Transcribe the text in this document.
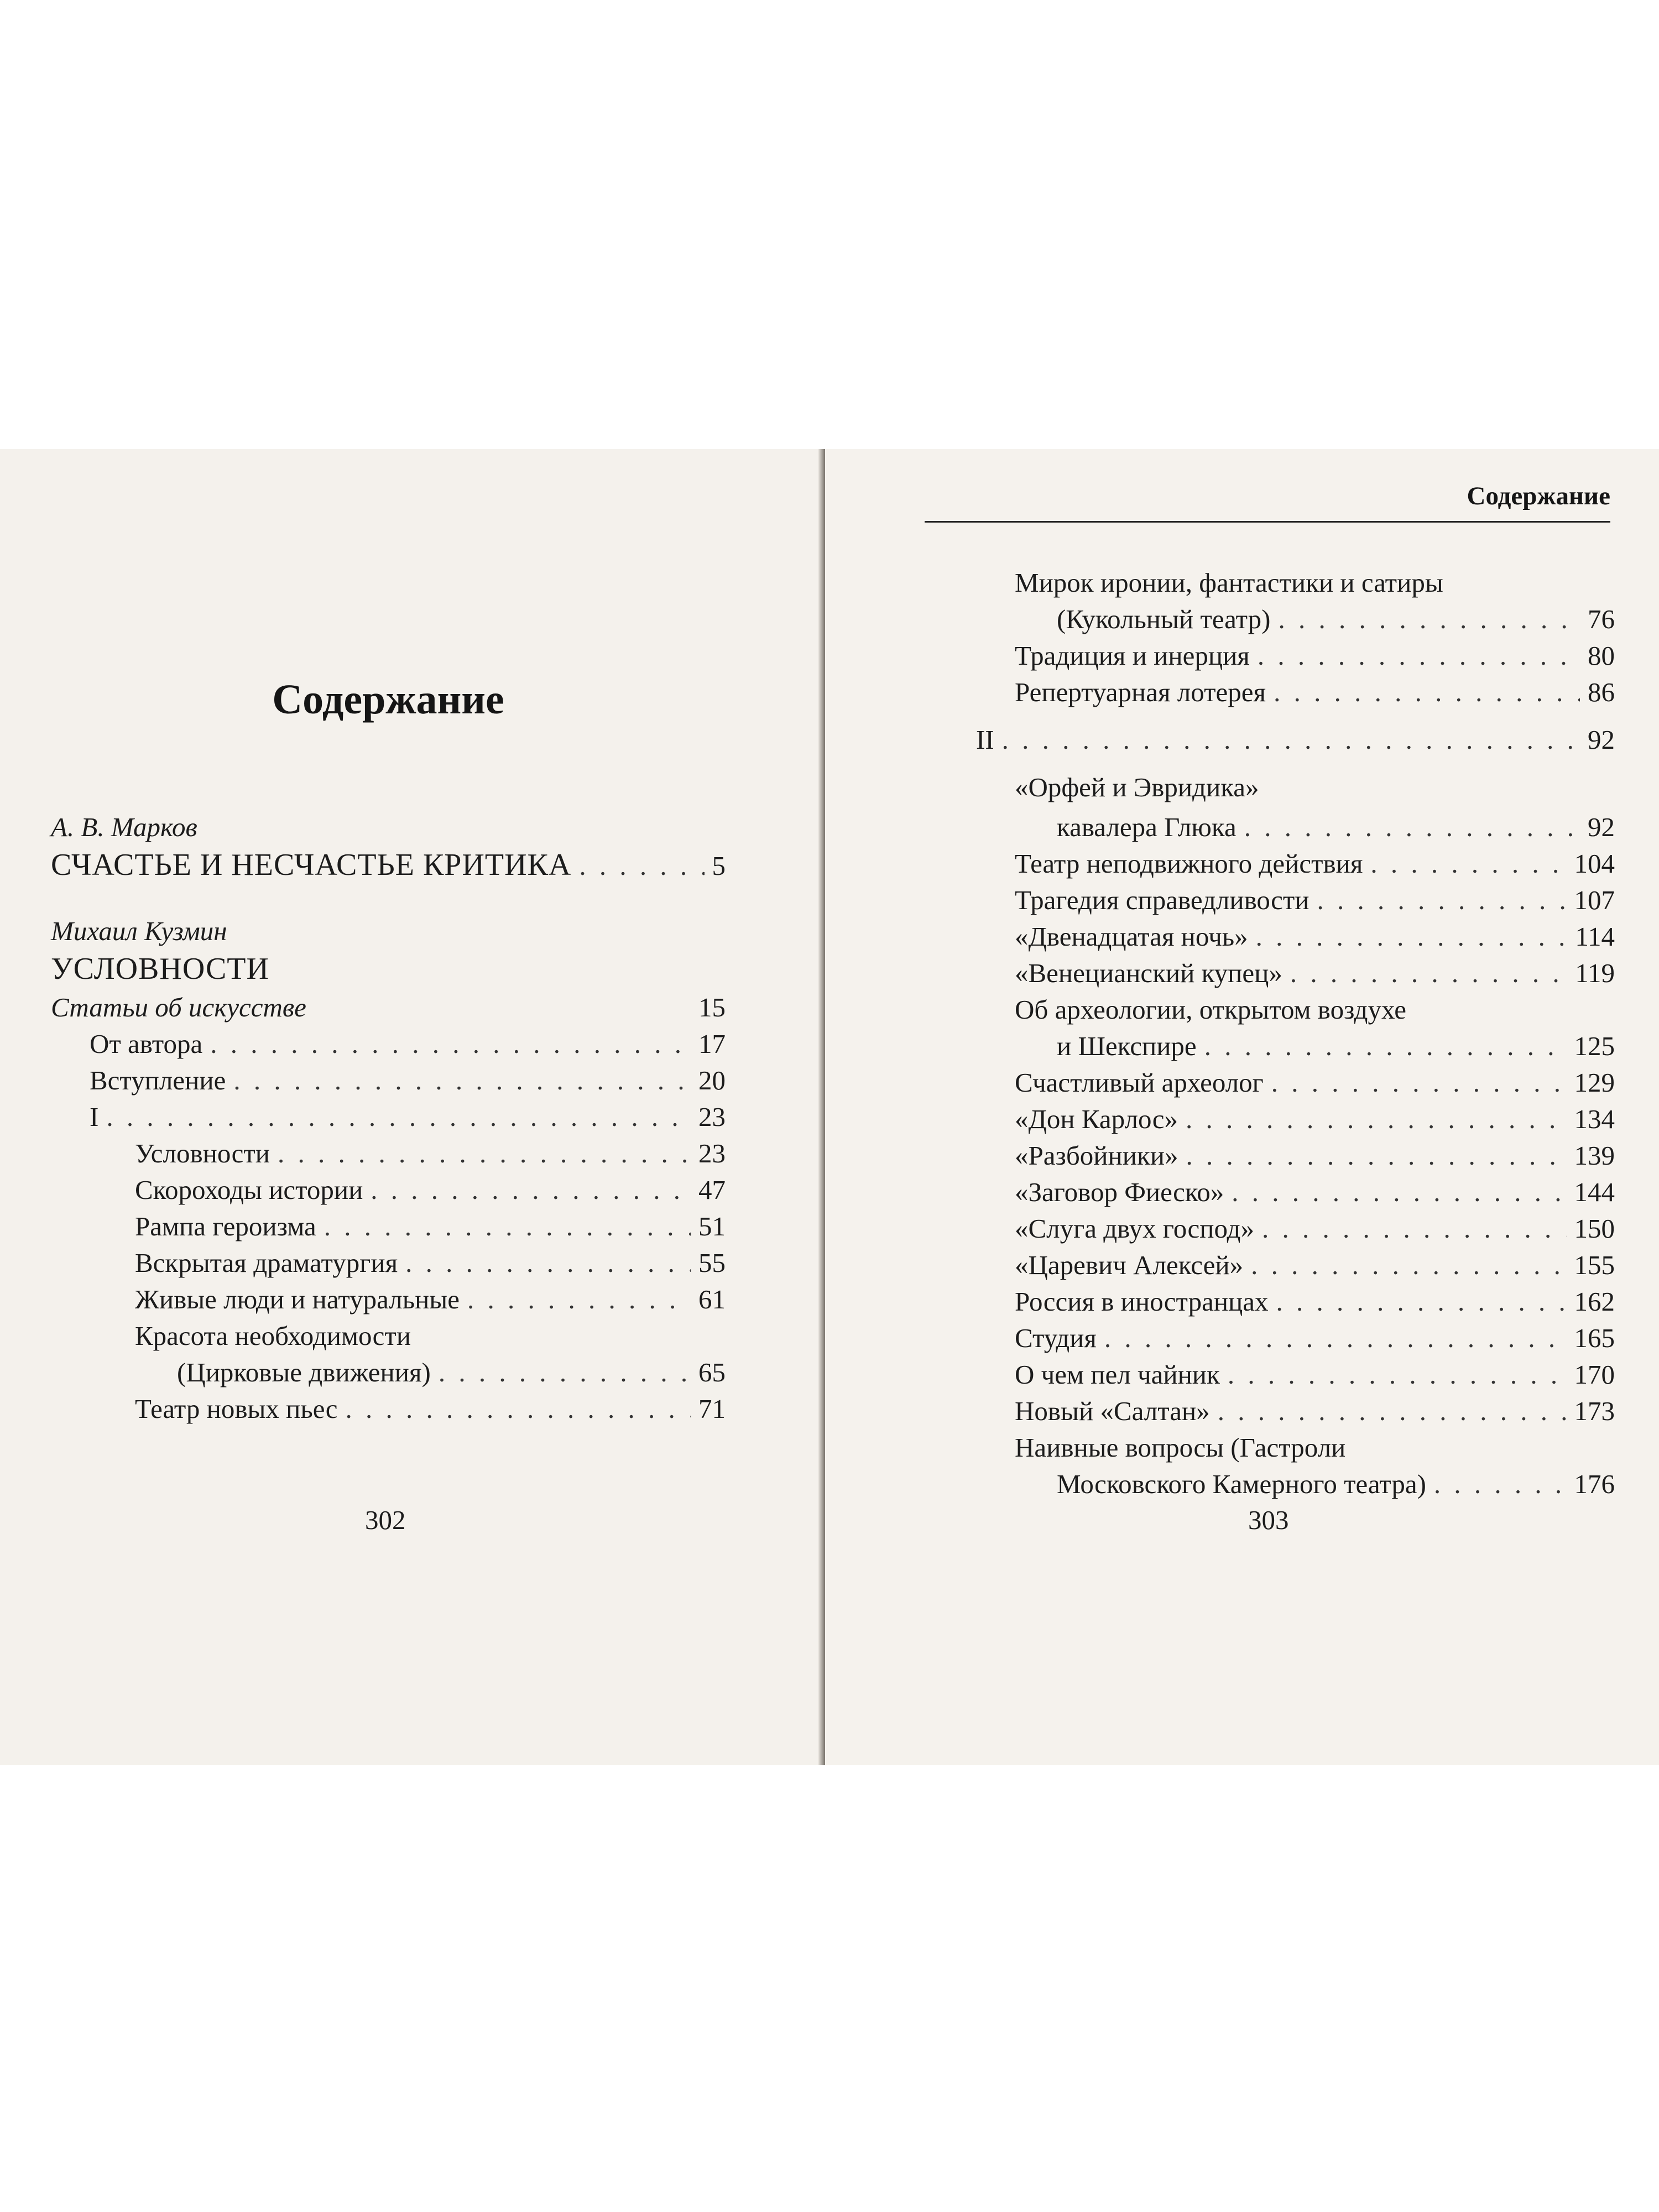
Содержание
А. В. Марков
СЧАСТЬЕ И НЕСЧАСТЬЕ КРИТИКА . . .	5
Михаил Кузмин
УСЛОВНОСТИ
Статьи об искусстве	15
От автора . . .	17
Вступление . . .	20
I . . .	23
Условности . . .	23
Скороходы истории . . .	47
Рампа героизма . . .	51
Вскрытая драматургия . . .	55
Живые люди и натуральные . . .	61
Красота необходимости
(Цирковые движения) . . .	65
Театр новых пьес . . .	71
302
Содержание
303
Мирок иронии, фантастики и сатиры
(Кукольный театр) . . .	76
Традиция и инерция . . .	80
Репертуарная лотерея . . .	86
II . . .	92
«Орфей и Эвридика»
кавалера Глюка . . .	92
Театр неподвижного действия . . .	104
Трагедия справедливости . . .	107
«Двенадцатая ночь» . . .	114
«Венецианский купец» . . .	119
Об археологии, открытом воздухе
и Шекспире . . .	125
Счастливый археолог . . .	129
«Дон Карлос» . . .	134
«Разбойники» . . .	139
«Заговор Фиеско» . . .	144
«Слуга двух господ» . . .	150
«Царевич Алексей» . . .	155
Россия в иностранцах . . .	162
Студия . . .	165
О чем пел чайник . . .	170
Новый «Салтан» . . .	173
Наивные вопросы (Гастроли
Московского Камерного театра) . . .	176
